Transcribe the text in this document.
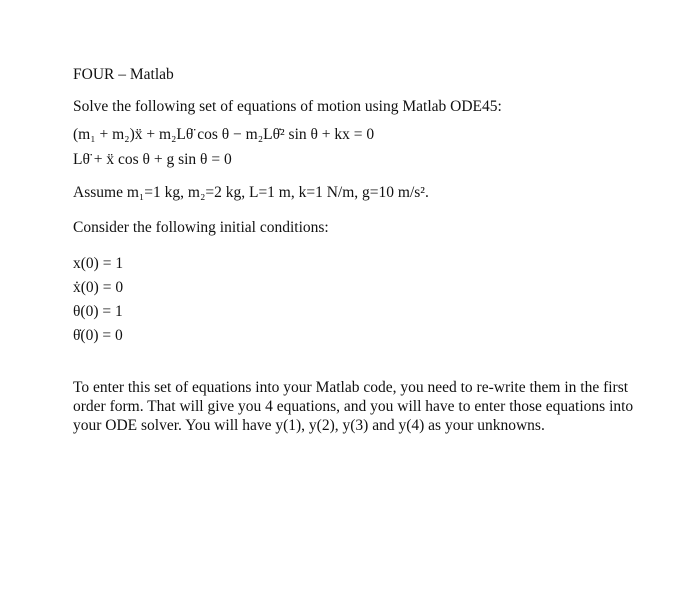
FOUR – Matlab
Solve the following set of equations of motion using Matlab ODE45:
(m₁ + m₂)ẍ + m₂Lθ̈ cos θ − m₂Lθ̇² sin θ + kx = 0
Lθ̈ + ẍ cos θ + g sin θ = 0
Assume m₁=1 kg, m₂=2 kg, L=1 m, k=1 N/m, g=10 m/s².
Consider the following initial conditions:
x(0) = 1
ẋ(0) = 0
θ(0) = 1
θ̇(0) = 0
To enter this set of equations into your Matlab code, you need to re-write them in the first order form. That will give you 4 equations, and you will have to enter those equations into your ODE solver. You will have y(1), y(2), y(3) and y(4) as your unknowns.
